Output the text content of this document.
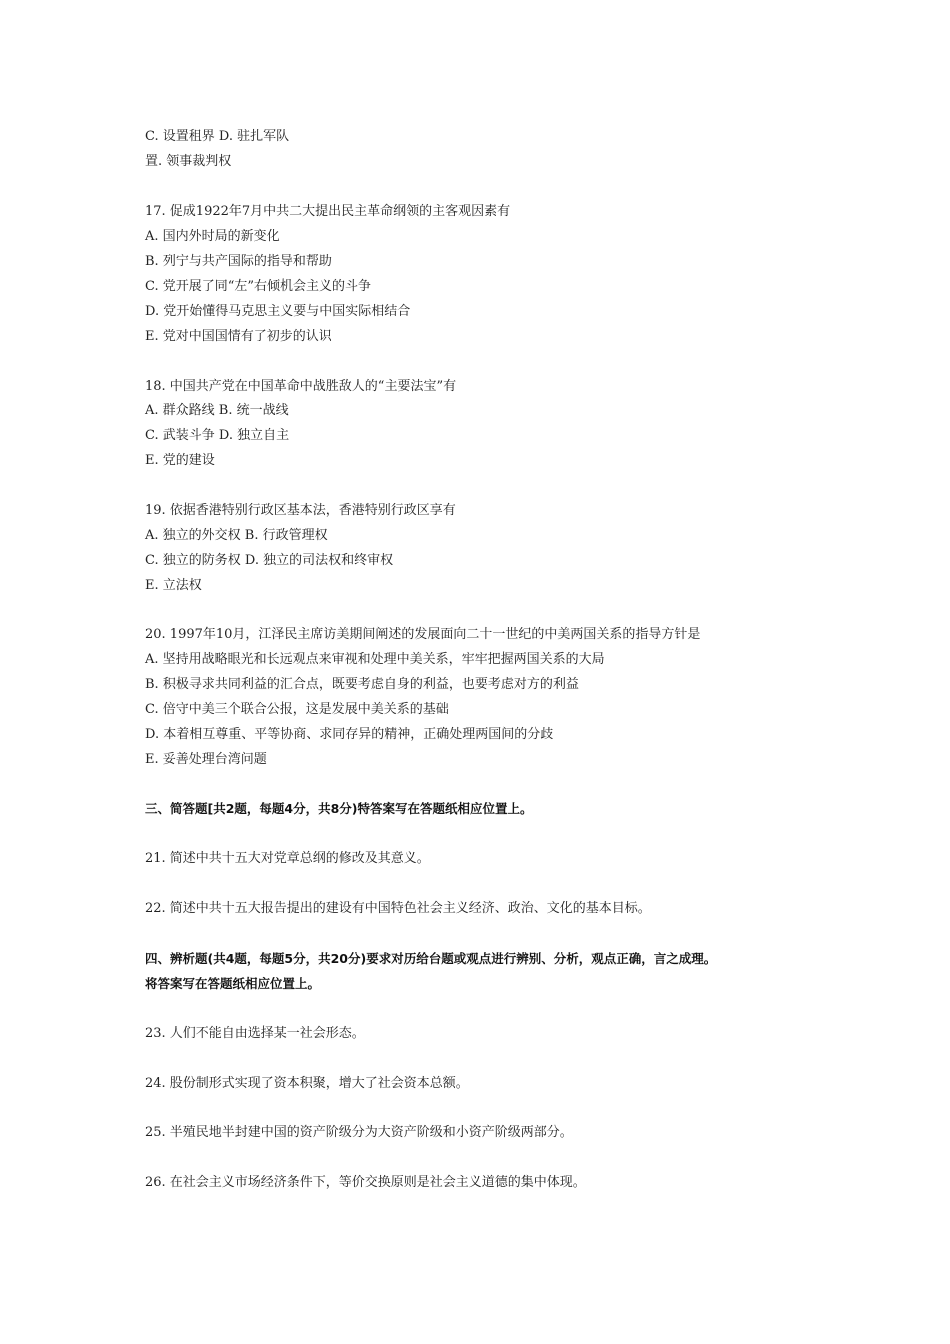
C. 设置租界 D. 驻扎军队
置. 领事裁判权
17. 促成1922年7月中共二大提出民主革命纲领的主客观因素有
A. 国内外时局的新变化
B. 列宁与共产国际的指导和帮助
C. 党开展了同“左”右倾机会主义的斗争
D. 党开始懂得马克思主义要与中国实际相结合
E. 党对中国国情有了初步的认识
18. 中国共产党在中国革命中战胜敌人的“主要法宝”有
A. 群众路线 B. 统一战线
C. 武装斗争 D. 独立自主
E. 党的建设
19. 依据香港特别行政区基本法，香港特别行政区享有
A. 独立的外交权 B. 行政管理权
C. 独立的防务权 D. 独立的司法权和终审权
E. 立法权
20. 1997年10月，江泽民主席访美期间阐述的发展面向二十一世纪的中美两国关系的指导方针是
A. 坚持用战略眼光和长远观点来审视和处理中美关系，牢牢把握两国关系的大局
B. 积极寻求共同利益的汇合点，既要考虑自身的利益，也要考虑对方的利益
C. 倍守中美三个联合公报，这是发展中美关系的基础
D. 本着相互尊重、平等协商、求同存异的精神，正确处理两国间的分歧
E. 妥善处理台湾问题
三、简答题[共2题，每题4分，共8分)特答案写在答题纸相应位置上。
21. 简述中共十五大对党章总纲的修改及其意义。
22. 简述中共十五大报告提出的建设有中国特色社会主义经济、政治、文化的基本目标。
四、辨析题(共4题，每题5分，共20分)要求对历给台题或观点进行辨别、分析，观点正确，言之成理。
将答案写在答题纸相应位置上。
23. 人们不能自由选择某一社会形态。
24. 股份制形式实现了资本积聚，增大了社会资本总额。
25. 半殖民地半封建中国的资产阶级分为大资产阶级和小资产阶级两部分。
26. 在社会主义市场经济条件下，等价交换原则是社会主义道德的集中体现。
